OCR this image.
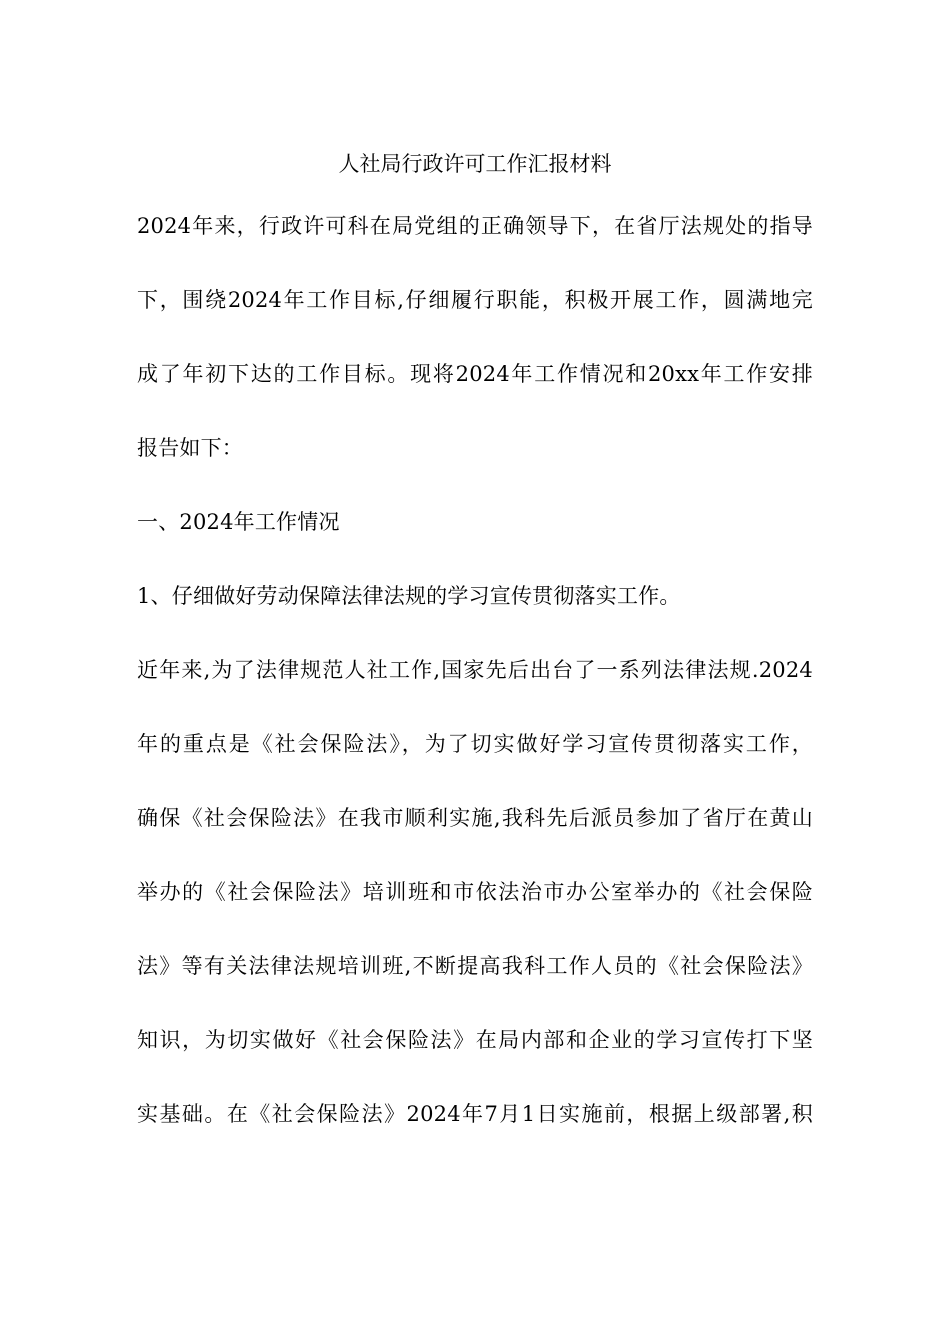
人社局行政许可工作汇报材料
2024年来，行政许可科在局党组的正确领导下，在省厅法规处的指导
下，围绕2024年工作目标,仔细履行职能，积极开展工作，圆满地完
成了年初下达的工作目标。现将2024年工作情况和20xx年工作安排
报告如下：
一、2024年工作情况
1、仔细做好劳动保障法律法规的学习宣传贯彻落实工作。
近年来,为了法律规范人社工作,国家先后出台了一系列法律法规.2024
年的重点是《社会保险法》，为了切实做好学习宣传贯彻落实工作，
确保《社会保险法》在我市顺利实施,我科先后派员参加了省厅在黄山
举办的《社会保险法》培训班和市依法治市办公室举办的《社会保险
法》等有关法律法规培训班,不断提高我科工作人员的《社会保险法》
知识，为切实做好《社会保险法》在局内部和企业的学习宣传打下坚
实基础。在《社会保险法》2024年7月1日实施前，根据上级部署,积
